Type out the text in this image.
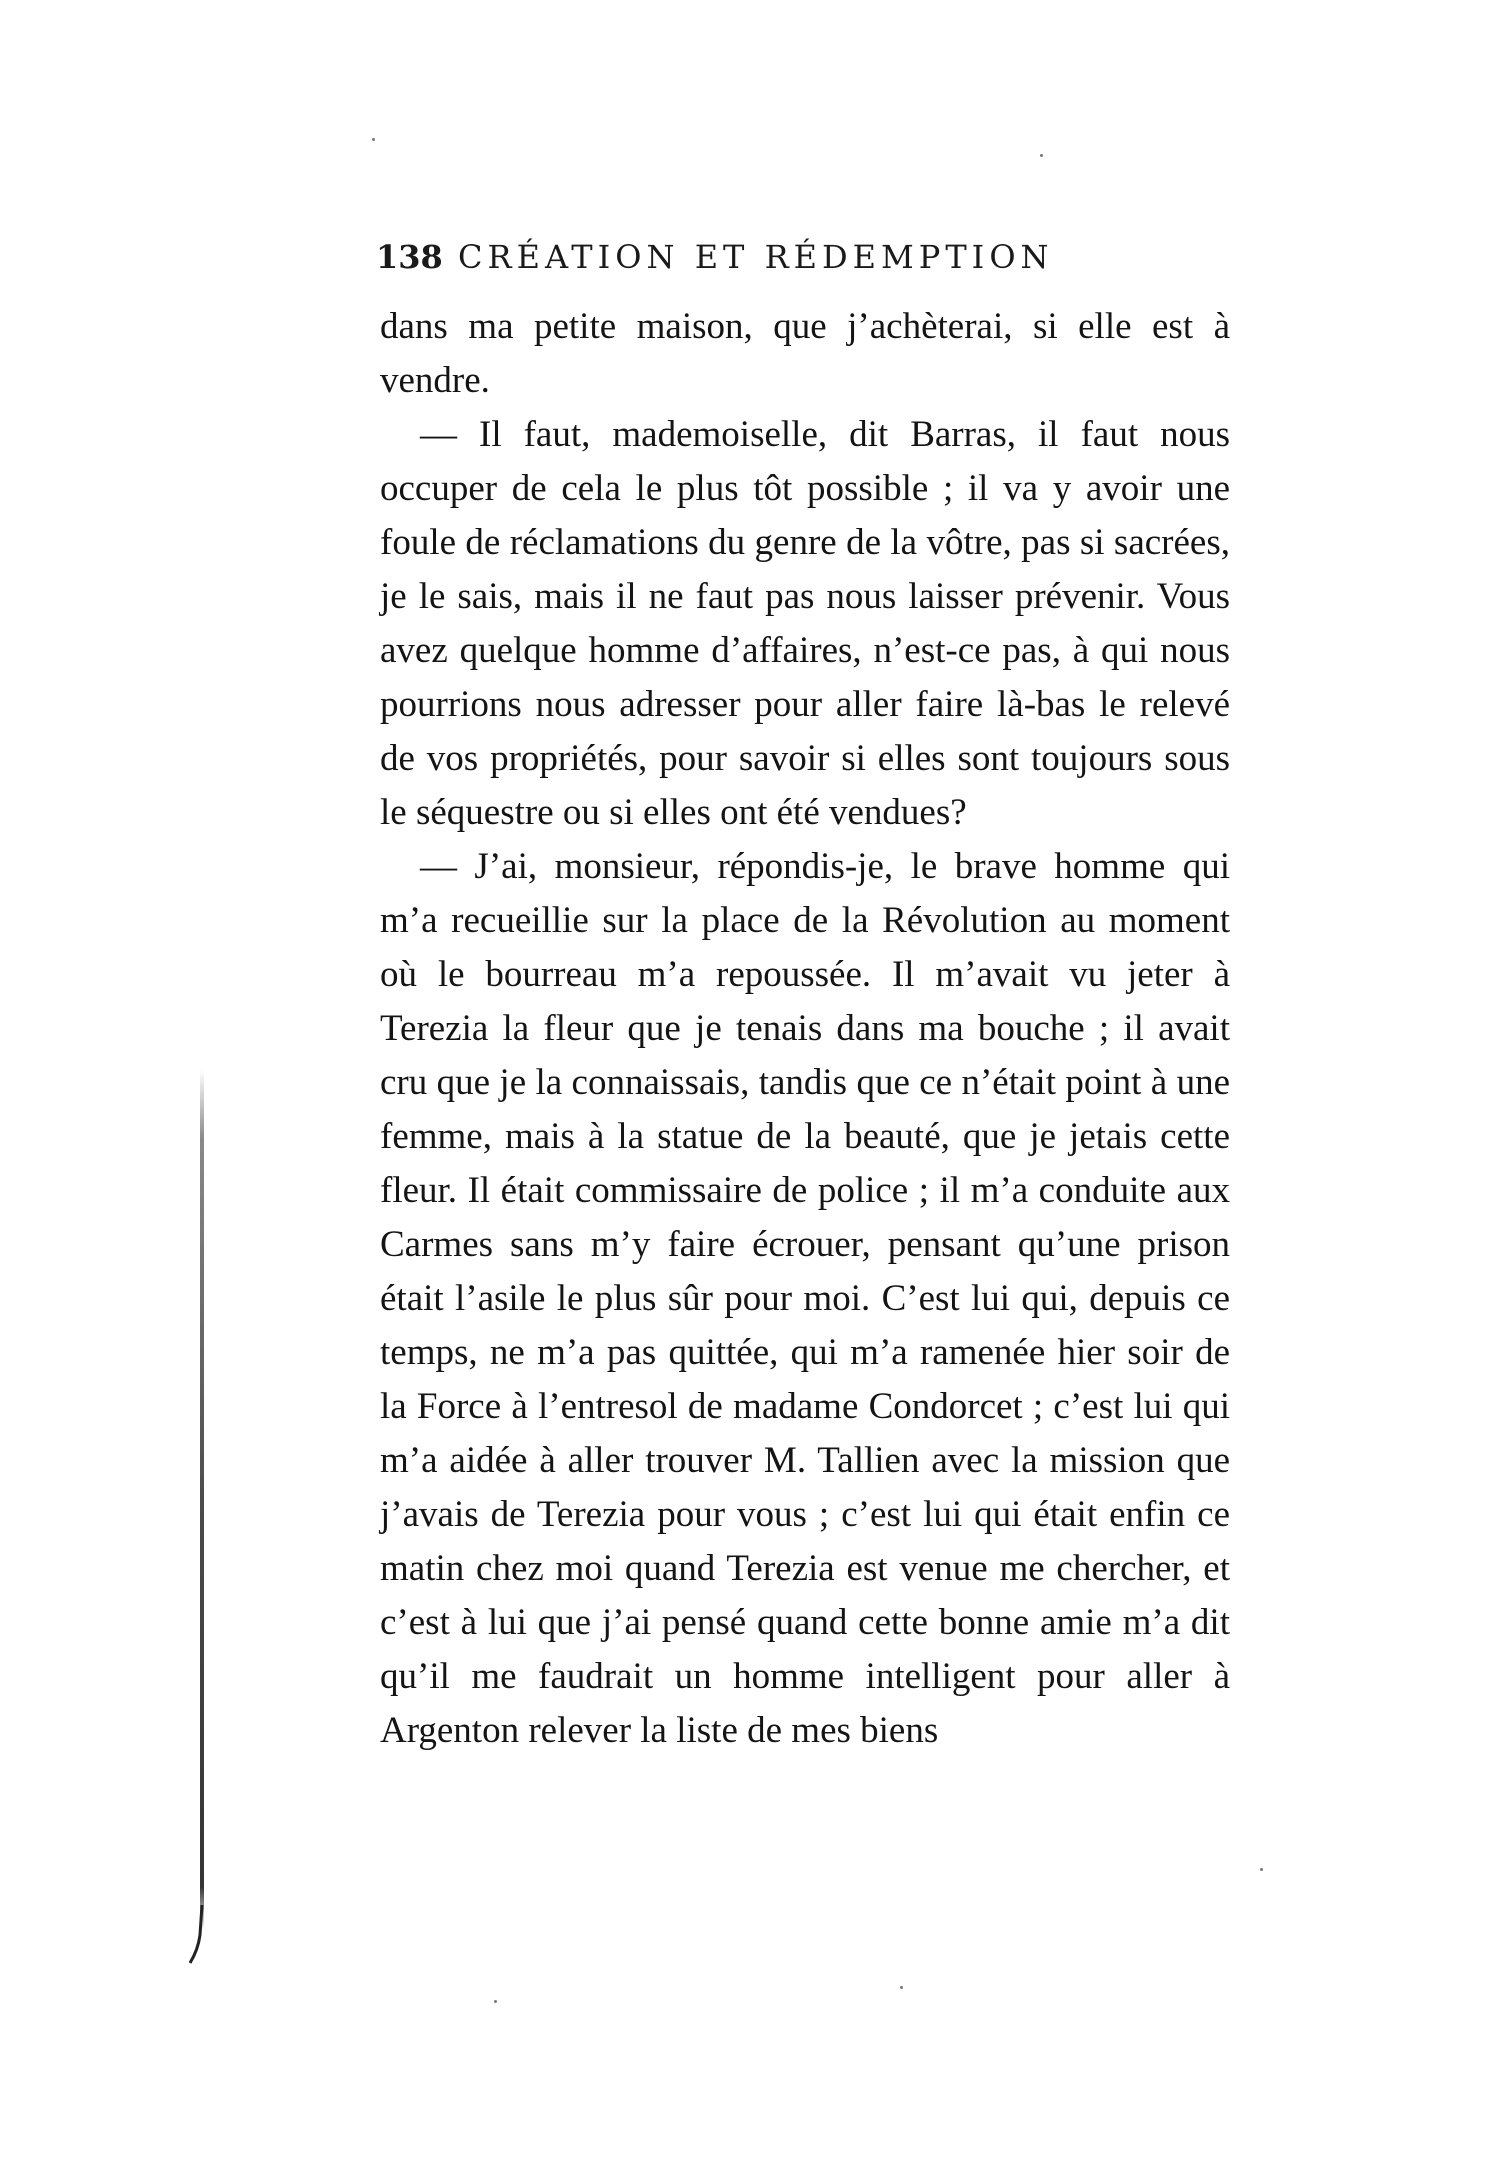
138 CRÉATION ET RÉDEMPTION

dans ma petite maison, que j’achèterai, si elle est à vendre.

— Il faut, mademoiselle, dit Barras, il faut nous occuper de cela le plus tôt possible ; il va y avoir une foule de réclamations du genre de la vôtre, pas si sacrées, je le sais, mais il ne faut pas nous laisser prévenir. Vous avez quelque homme d’affaires, n’est-ce pas, à qui nous pourrions nous adresser pour aller faire là-bas le relevé de vos propriétés, pour savoir si elles sont toujours sous le séquestre ou si elles ont été vendues?

— J’ai, monsieur, répondis-je, le brave homme qui m’a recueillie sur la place de la Révolution au moment où le bourreau m’a repoussée. Il m’avait vu jeter à Terezia la fleur que je tenais dans ma bouche ; il avait cru que je la connaissais, tandis que ce n’était point à une femme, mais à la statue de la beauté, que je jetais cette fleur. Il était commissaire de police ; il m’a conduite aux Carmes sans m’y faire écrouer, pensant qu’une prison était l’asile le plus sûr pour moi. C’est lui qui, depuis ce temps, ne m’a pas quittée, qui m’a ramenée hier soir de la Force à l’entresol de madame Condorcet ; c’est lui qui m’a aidée à aller trouver M. Tallien avec la mission que j’avais de Terezia pour vous ; c’est lui qui était enfin ce matin chez moi quand Terezia est venue me chercher, et c’est à lui que j’ai pensé quand cette bonne amie m’a dit qu’il me faudrait un homme intelligent pour aller à Argenton relever la liste de mes biens
